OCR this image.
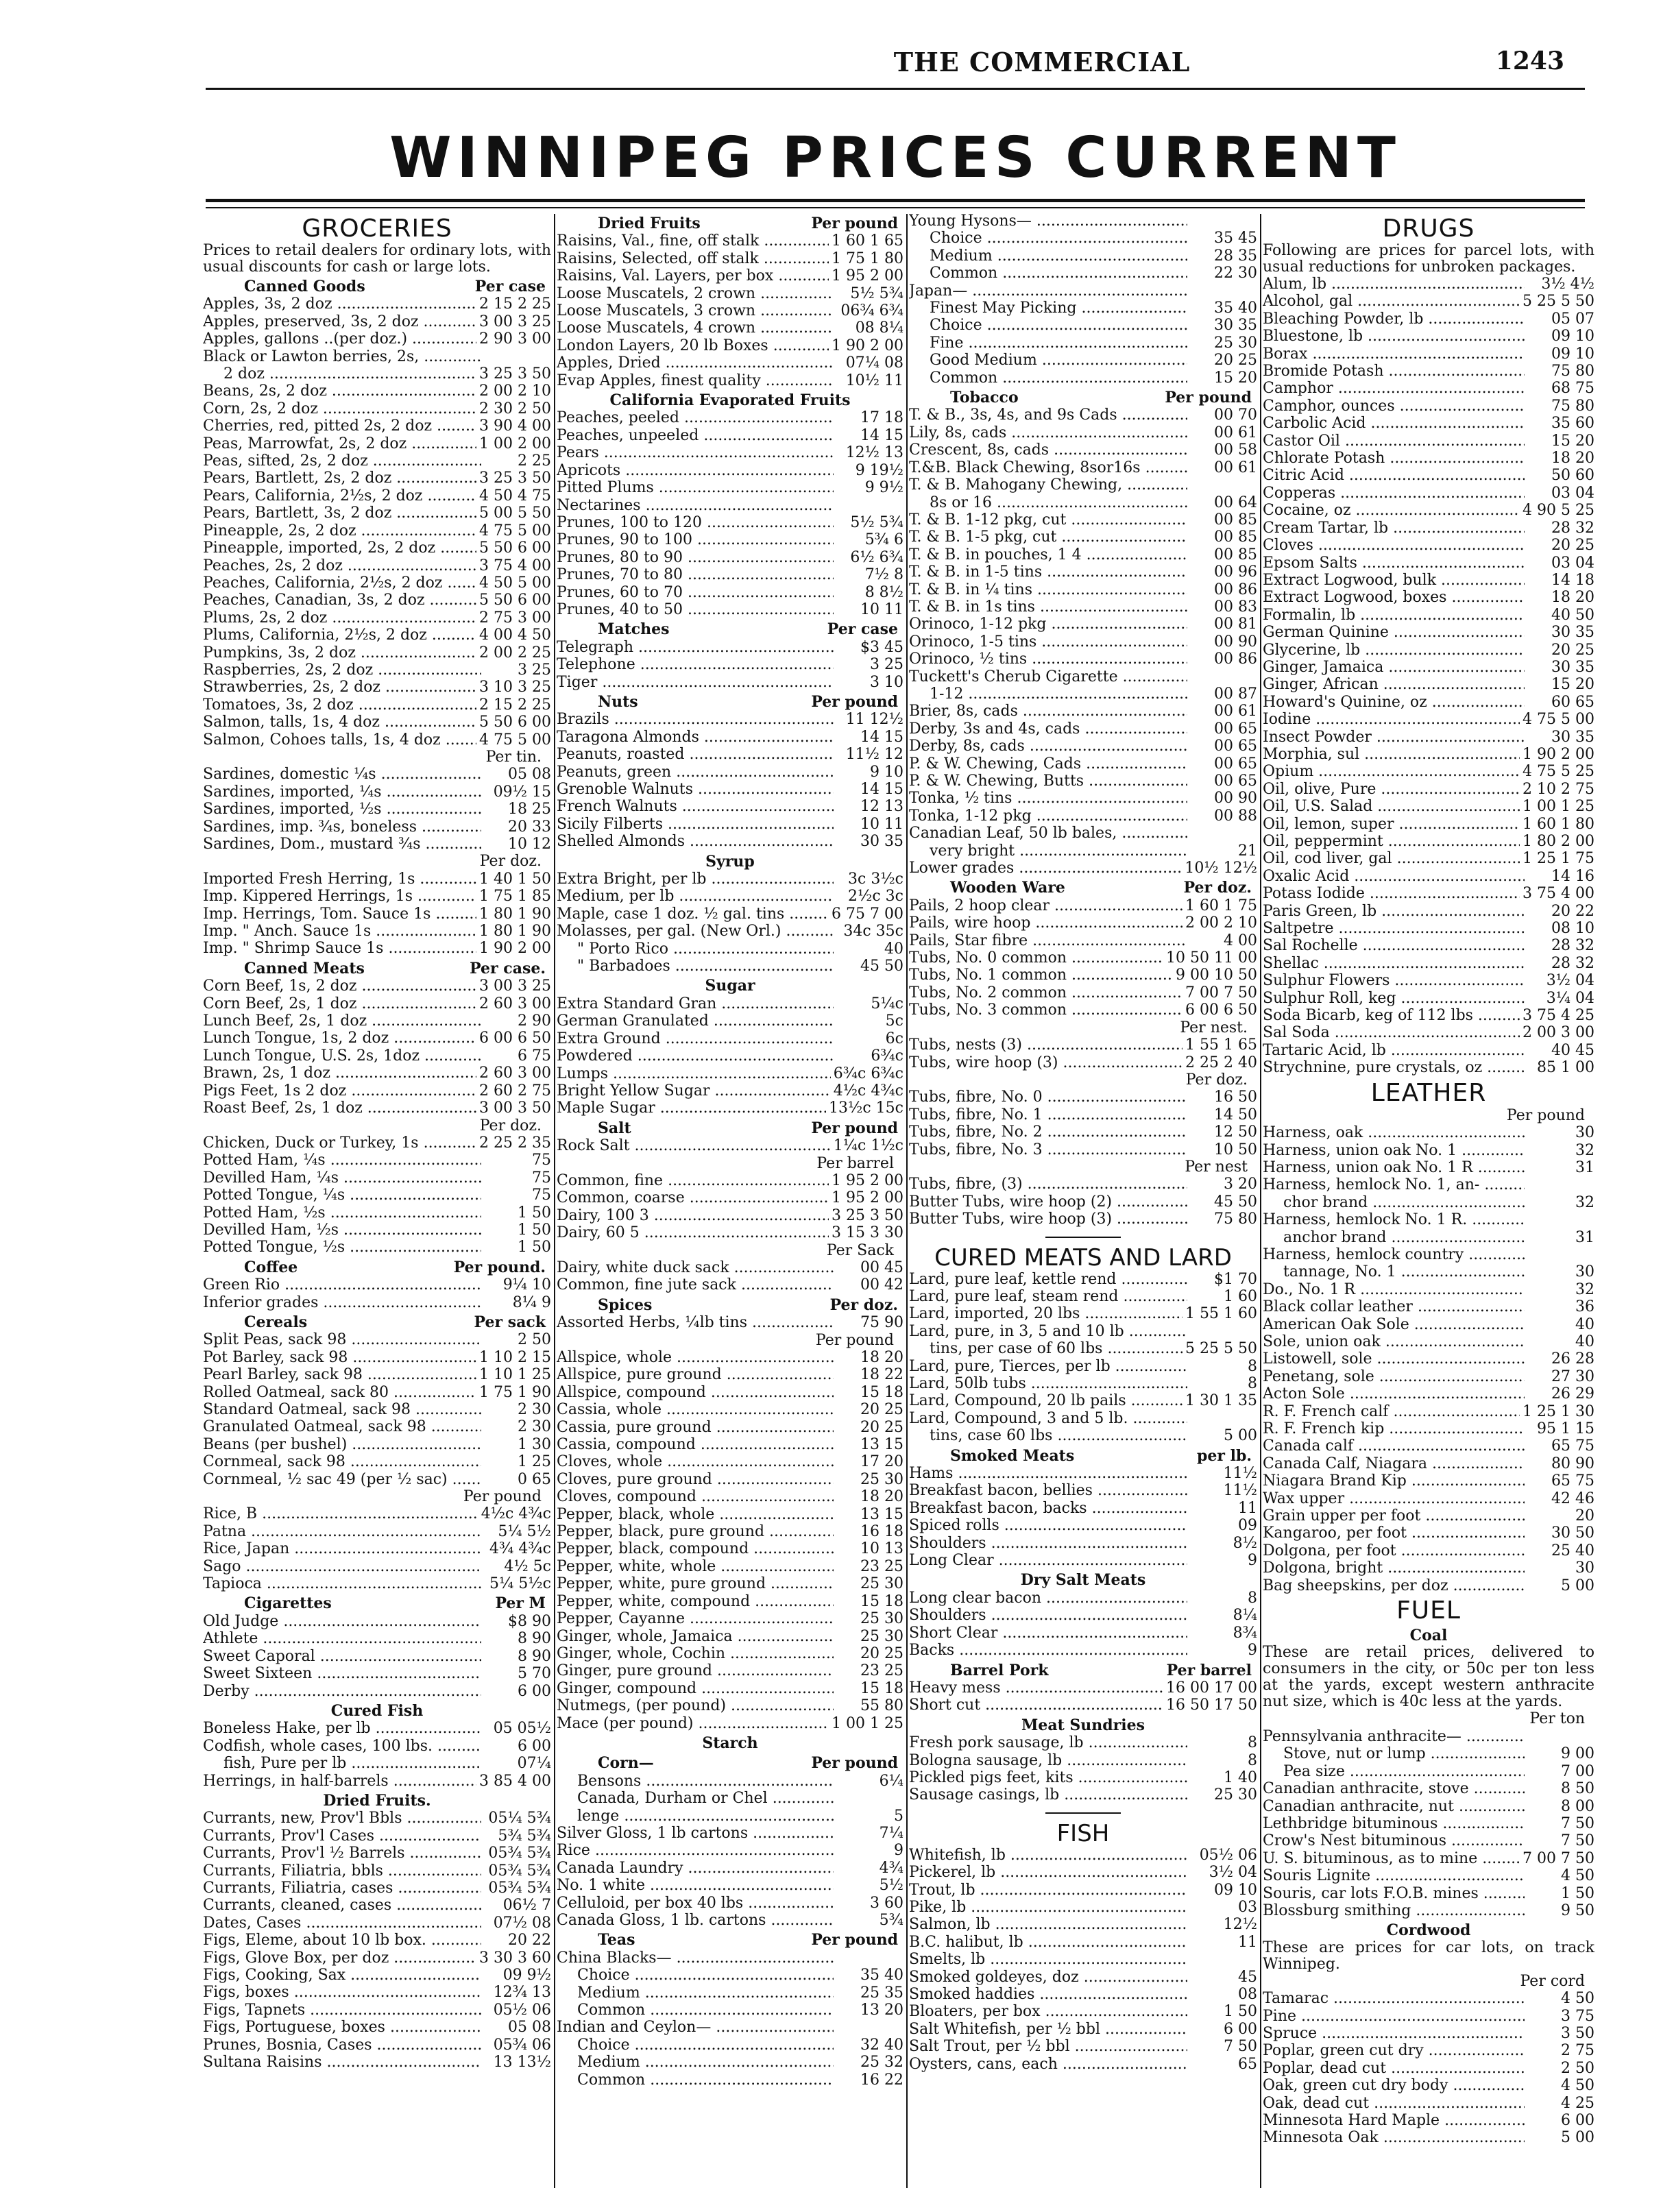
THE COMMERCIAL	1243
WINNIPEG PRICES CURRENT
GROCERIES
Prices to retail dealers for ordinary lots, with usual discounts for cash or large lots.
Canned Goods	Per case
Apples, 3s, 2 doz .....	2 15 2 25
Apples, preserved, 3s, 2 doz .....	3 00 3 25
Apples, gallons ..(per doz.) .....	2 90 3 00
Black or Lawton berries, 2s, .....
2 doz .....	3 25 3 50
Beans, 2s, 2 doz .....	2 00 2 10
Corn, 2s, 2 doz .....	2 30 2 50
Cherries, red, pitted 2s, 2 doz .....	3 90 4 00
Peas, Marrowfat, 2s, 2 doz .....	1 00 2 00
Peas, sifted, 2s, 2 doz .....	2 25
Pears, Bartlett, 2s, 2 doz .....	3 25 3 50
Pears, California, 2½s, 2 doz .....	4 50 4 75
Pears, Bartlett, 3s, 2 doz .....	5 00 5 50
Pineapple, 2s, 2 doz .....	4 75 5 00
Pineapple, imported, 2s, 2 doz .....	5 50 6 00
Peaches, 2s, 2 doz .....	3 75 4 00
Peaches, California, 2½s, 2 doz .....	4 50 5 00
Peaches, Canadian, 3s, 2 doz .....	5 50 6 00
Plums, 2s, 2 doz .....	2 75 3 00
Plums, California, 2½s, 2 doz .....	4 00 4 50
Pumpkins, 3s, 2 doz .....	2 00 2 25
Raspberries, 2s, 2 doz .....	3 25
Strawberries, 2s, 2 doz .....	3 10 3 25
Tomatoes, 3s, 2 doz .....	2 15 2 25
Salmon, talls, 1s, 4 doz .....	5 50 6 00
Salmon, Cohoes talls, 1s, 4 doz .....	4 75 5 00
Per tin.
Sardines, domestic ¼s .....	05 08
Sardines, imported, ¼s .....	09½ 15
Sardines, imported, ½s .....	18 25
Sardines, imp. ¾s, boneless .....	20 33
Sardines, Dom., mustard ¾s .....	10 12
Per doz.
Imported Fresh Herring, 1s .....	1 40 1 50
Imp. Kippered Herrings, 1s .....	1 75 1 85
Imp. Herrings, Tom. Sauce 1s .....	1 80 1 90
Imp. " Anch. Sauce 1s .....	1 80 1 90
Imp. " Shrimp Sauce 1s .....	1 90 2 00
Canned Meats	Per case.
Corn Beef, 1s, 2 doz .....	3 00 3 25
Corn Beef, 2s, 1 doz .....	2 60 3 00
Lunch Beef, 2s, 1 doz .....	2 90
Lunch Tongue, 1s, 2 doz .....	6 00 6 50
Lunch Tongue, U.S. 2s, 1doz .....	6 75
Brawn, 2s, 1 doz .....	2 60 3 00
Pigs Feet, 1s 2 doz .....	2 60 2 75
Roast Beef, 2s, 1 doz .....	3 00 3 50
Per doz.
Chicken, Duck or Turkey, 1s .....	2 25 2 35
Potted Ham, ¼s .....	75
Devilled Ham, ¼s .....	75
Potted Tongue, ¼s .....	75
Potted Ham, ½s .....	1 50
Devilled Ham, ½s .....	1 50
Potted Tongue, ½s .....	1 50
Coffee	Per pound.
Green Rio .....	9¼ 10
Inferior grades .....	8¼ 9
Cereals	Per sack
Split Peas, sack 98 .....	2 50
Pot Barley, sack 98 .....	1 10 2 15
Pearl Barley, sack 98 .....	1 10 1 25
Rolled Oatmeal, sack 80 .....	1 75 1 90
Standard Oatmeal, sack 98 .....	2 30
Granulated Oatmeal, sack 98 .....	2 30
Beans (per bushel) .....	1 30
Cornmeal, sack 98 .....	1 25
Cornmeal, ½ sac 49 (per ½ sac) .....	0 65
Per pound
Rice, B .....	4½c 4¾c
Patna .....	5¼ 5½
Rice, Japan .....	4¾ 4¾c
Sago .....	4½ 5c
Tapioca .....	5¼ 5½c
Cigarettes	Per M
Old Judge .....	$8 90
Athlete .....	8 90
Sweet Caporal .....	8 90
Sweet Sixteen .....	5 70
Derby .....	6 00
Cured Fish
Boneless Hake, per lb .....	05 05½
Codfish, whole cases, 100 lbs. .....	6 00
fish, Pure per lb .....	07¼
Herrings, in half-barrels .....	3 85 4 00
Dried Fruits.
Currants, new, Prov'l Bbls .....	05¼ 5¾
Currants, Prov'l Cases .....	5¾ 5¾
Currants, Prov'l ½ Barrels .....	05¾ 5¾
Currants, Filiatria, bbls .....	05¾ 5¾
Currants, Filiatria, cases .....	05¾ 5¾
Currants, cleaned, cases .....	06½ 7
Dates, Cases .....	07½ 08
Figs, Eleme, about 10 lb box. .....	20 22
Figs, Glove Box, per doz .....	3 30 3 60
Figs, Cooking, Sax .....	09 9½
Figs, boxes .....	12¾ 13
Figs, Tapnets .....	05½ 06
Figs, Portuguese, boxes .....	05 08
Prunes, Bosnia, Cases .....	05¾ 06
Sultana Raisins .....	13 13½
Dried Fruits	Per pound
Raisins, Val., fine, off stalk .....	1 60 1 65
Raisins, Selected, off stalk .....	1 75 1 80
Raisins, Val. Layers, per box .....	1 95 2 00
Loose Muscatels, 2 crown .....	5½ 5¾
Loose Muscatels, 3 crown .....	06¾ 6¾
Loose Muscatels, 4 crown .....	08 8¼
London Layers, 20 lb Boxes .....	1 90 2 00
Apples, Dried .....	07¼ 08
Evap Apples, finest quality .....	10½ 11
California Evaporated Fruits
Peaches, peeled .....	17 18
Peaches, unpeeled .....	14 15
Pears .....	12½ 13
Apricots .....	9 19½
Pitted Plums .....	9 9½
Nectarines .....
Prunes, 100 to 120 .....	5½ 5¾
Prunes, 90 to 100 .....	5¾ 6
Prunes, 80 to 90 .....	6½ 6¾
Prunes, 70 to 80 .....	7½ 8
Prunes, 60 to 70 .....	8 8½
Prunes, 40 to 50 .....	10 11
Matches	Per case
Telegraph .....	$3 45
Telephone .....	3 25
Tiger .....	3 10
Nuts	Per pound
Brazils .....	11 12½
Taragona Almonds .....	14 15
Peanuts, roasted .....	11½ 12
Peanuts, green .....	9 10
Grenoble Walnuts .....	14 15
French Walnuts .....	12 13
Sicily Filberts .....	10 11
Shelled Almonds .....	30 35
Syrup
Extra Bright, per lb .....	3c 3½c
Medium, per lb .....	2½c 3c
Maple, case 1 doz. ½ gal. tins .....	6 75 7 00
Molasses, per gal. (New Orl.) .....	34c 35c
" Porto Rico .....	40
" Barbadoes .....	45 50
Sugar
Extra Standard Gran .....	5¼c
German Granulated .....	5c
Extra Ground .....	6c
Powdered .....	6¾c
Lumps .....	6¾c 6¾c
Bright Yellow Sugar .....	4½c 4¾c
Maple Sugar .....	13½c 15c
Salt	Per pound
Rock Salt .....	1¼c 1½c
Per barrel
Common, fine .....	1 95 2 00
Common, coarse .....	1 95 2 00
Dairy, 100 3 .....	3 25 3 50
Dairy, 60 5 .....	3 15 3 30
Per Sack
Dairy, white duck sack .....	00 45
Common, fine jute sack .....	00 42
Spices	Per doz.
Assorted Herbs, ¼lb tins .....	75 90
Per pound
Allspice, whole .....	18 20
Allspice, pure ground .....	18 22
Allspice, compound .....	15 18
Cassia, whole .....	20 25
Cassia, pure ground .....	20 25
Cassia, compound .....	13 15
Cloves, whole .....	17 20
Cloves, pure ground .....	25 30
Cloves, compound .....	18 20
Pepper, black, whole .....	13 15
Pepper, black, pure ground .....	16 18
Pepper, black, compound .....	10 13
Pepper, white, whole .....	23 25
Pepper, white, pure ground .....	25 30
Pepper, white, compound .....	15 18
Pepper, Cayanne .....	25 30
Ginger, whole, Jamaica .....	25 30
Ginger, whole, Cochin .....	20 25
Ginger, pure ground .....	23 25
Ginger, compound .....	15 18
Nutmegs, (per pound) .....	55 80
Mace (per pound) .....	1 00 1 25
Starch
Corn—	Per pound
Bensons .....	6¼
Canada, Durham or Chel .....
lenge .....	5
Silver Gloss, 1 lb cartons .....	7¼
Rice .....	9
Canada Laundry .....	4¾
No. 1 white .....	5½
Celluloid, per box 40 lbs .....	3 60
Canada Gloss, 1 lb. cartons .....	5¾
Teas	Per pound
China Blacks— .....
Choice .....	35 40
Medium .....	25 35
Common .....	13 20
Indian and Ceylon— .....
Choice .....	32 40
Medium .....	25 32
Common .....	16 22
Young Hysons— .....
Choice .....	35 45
Medium .....	28 35
Common .....	22 30
Japan— .....
Finest May Picking .....	35 40
Choice .....	30 35
Fine .....	25 30
Good Medium .....	20 25
Common .....	15 20
Tobacco	Per pound
T. & B., 3s, 4s, and 9s Cads .....	00 70
Lily, 8s, cads .....	00 61
Crescent, 8s, cads .....	00 58
T.&B. Black Chewing, 8sor16s .....	00 61
T. & B. Mahogany Chewing, .....
8s or 16 .....	00 64
T. & B. 1-12 pkg, cut .....	00 85
T. & B. 1-5 pkg, cut .....	00 85
T. & B. in pouches, 1 4 .....	00 85
T. & B. in 1-5 tins .....	00 96
T. & B. in ¼ tins .....	00 86
T. & B. in 1s tins .....	00 83
Orinoco, 1-12 pkg .....	00 81
Orinoco, 1-5 tins .....	00 90
Orinoco, ½ tins .....	00 86
Tuckett's Cherub Cigarette .....
1-12 .....	00 87
Brier, 8s, cads .....	00 61
Derby, 3s and 4s, cads .....	00 65
Derby, 8s, cads .....	00 65
P. & W. Chewing, Cads .....	00 65
P. & W. Chewing, Butts .....	00 65
Tonka, ½ tins .....	00 90
Tonka, 1-12 pkg .....	00 88
Canadian Leaf, 50 lb bales, .....
very bright .....	21
Lower grades .....	10½ 12½
Wooden Ware	Per doz.
Pails, 2 hoop clear .....	1 60 1 75
Pails, wire hoop .....	2 00 2 10
Pails, Star fibre .....	4 00
Tubs, No. 0 common .....	10 50 11 00
Tubs, No. 1 common .....	9 00 10 50
Tubs, No. 2 common .....	7 00 7 50
Tubs, No. 3 common .....	6 00 6 50
Per nest.
Tubs, nests (3) .....	1 55 1 65
Tubs, wire hoop (3) .....	2 25 2 40
Per doz.
Tubs, fibre, No. 0 .....	16 50
Tubs, fibre, No. 1 .....	14 50
Tubs, fibre, No. 2 .....	12 50
Tubs, fibre, No. 3 .....	10 50
Per nest
Tubs, fibre, (3) .....	3 20
Butter Tubs, wire hoop (2) .....	45 50
Butter Tubs, wire hoop (3) .....	75 80
CURED MEATS AND LARD
Lard, pure leaf, kettle rend .....	$1 70
Lard, pure leaf, steam rend .....	1 60
Lard, imported, 20 lbs .....	1 55 1 60
Lard, pure, in 3, 5 and 10 lb .....
tins, per case of 60 lbs .....	5 25 5 50
Lard, pure, Tierces, per lb .....	8
Lard, 50lb tubs .....	8
Lard, Compound, 20 lb pails .....	1 30 1 35
Lard, Compound, 3 and 5 lb. .....
tins, case 60 lbs .....	5 00
Smoked Meats	per lb.
Hams .....	11½
Breakfast bacon, bellies .....	11½
Breakfast bacon, backs .....	11
Spiced rolls .....	09
Shoulders .....	8½
Long Clear .....	9
Dry Salt Meats
Long clear bacon .....	8
Shoulders .....	8¼
Short Clear .....	8¾
Backs .....	9
Barrel Pork	Per barrel
Heavy mess .....	16 00 17 00
Short cut .....	16 50 17 50
Meat Sundries
Fresh pork sausage, lb .....	8
Bologna sausage, lb .....	8
Pickled pigs feet, kits .....	1 40
Sausage casings, lb .....	25 30
FISH
Whitefish, lb .....	05½ 06
Pickerel, lb .....	3½ 04
Trout, lb .....	09 10
Pike, lb .....	03
Salmon, lb .....	12½
B.C. halibut, lb .....	11
Smelts, lb .....
Smoked goldeyes, doz .....	45
Smoked haddies .....	08
Bloaters, per box .....	1 50
Salt Whitefish, per ½ bbl .....	6 00
Salt Trout, per ½ bbl .....	7 50
Oysters, cans, each .....	65
DRUGS
Following are prices for parcel lots, with usual reductions for unbroken packages.
Alum, lb .....	3½ 4½
Alcohol, gal .....	5 25 5 50
Bleaching Powder, lb .....	05 07
Bluestone, lb .....	09 10
Borax .....	09 10
Bromide Potash .....	75 80
Camphor .....	68 75
Camphor, ounces .....	75 80
Carbolic Acid .....	35 60
Castor Oil .....	15 20
Chlorate Potash .....	18 20
Citric Acid .....	50 60
Copperas .....	03 04
Cocaine, oz .....	4 90 5 25
Cream Tartar, lb .....	28 32
Cloves .....	20 25
Epsom Salts .....	03 04
Extract Logwood, bulk .....	14 18
Extract Logwood, boxes .....	18 20
Formalin, lb .....	40 50
German Quinine .....	30 35
Glycerine, lb .....	20 25
Ginger, Jamaica .....	30 35
Ginger, African .....	15 20
Howard's Quinine, oz .....	60 65
Iodine .....	4 75 5 00
Insect Powder .....	30 35
Morphia, sul .....	1 90 2 00
Opium .....	4 75 5 25
Oil, olive, Pure .....	2 10 2 75
Oil, U.S. Salad .....	1 00 1 25
Oil, lemon, super .....	1 60 1 80
Oil, peppermint .....	1 80 2 00
Oil, cod liver, gal .....	1 25 1 75
Oxalic Acid .....	14 16
Potass Iodide .....	3 75 4 00
Paris Green, lb .....	20 22
Saltpetre .....	08 10
Sal Rochelle .....	28 32
Shellac .....	28 32
Sulphur Flowers .....	3½ 04
Sulphur Roll, keg .....	3¼ 04
Soda Bicarb, keg of 112 lbs .....	3 75 4 25
Sal Soda .....	2 00 3 00
Tartaric Acid, lb .....	40 45
Strychnine, pure crystals, oz .....	85 1 00
LEATHER
Per pound
Harness, oak .....	30
Harness, union oak No. 1 .....	32
Harness, union oak No. 1 R .....	31
Harness, hemlock No. 1, an- .....
chor brand .....	32
Harness, hemlock No. 1 R. .....
anchor brand .....	31
Harness, hemlock country .....
tannage, No. 1 .....	30
Do., No. 1 R .....	32
Black collar leather .....	36
American Oak Sole .....	40
Sole, union oak .....	40
Listowell, sole .....	26 28
Penetang, sole .....	27 30
Acton Sole .....	26 29
R. F. French calf .....	1 25 1 30
R. F. French kip .....	95 1 15
Canada calf .....	65 75
Canada Calf, Niagara .....	80 90
Niagara Brand Kip .....	65 75
Wax upper .....	42 46
Grain upper per foot .....	20
Kangaroo, per foot .....	30 50
Dolgona, per foot .....	25 40
Dolgona, bright .....	30
Bag sheepskins, per doz .....	5 00
FUEL
Coal
These are retail prices, delivered to consumers in the city, or 50c per ton less at the yards, except western anthracite nut size, which is 40c less at the yards.
Per ton
Pennsylvania anthracite— .....
Stove, nut or lump .....	9 00
Pea size .....	7 00
Canadian anthracite, stove .....	8 50
Canadian anthracite, nut .....	8 00
Lethbridge bituminous .....	7 50
Crow's Nest bituminous .....	7 50
U. S. bituminous, as to mine .....	7 00 7 50
Souris Lignite .....	4 50
Souris, car lots F.O.B. mines .....	1 50
Blossburg smithing .....	9 50
Cordwood
These are prices for car lots, on track Winnipeg.
Per cord
Tamarac .....	4 50
Pine .....	3 75
Spruce .....	3 50
Poplar, green cut dry .....	2 75
Poplar, dead cut .....	2 50
Oak, green cut dry body .....	4 50
Oak, dead cut .....	4 25
Minnesota Hard Maple .....	6 00
Minnesota Oak .....	5 00
